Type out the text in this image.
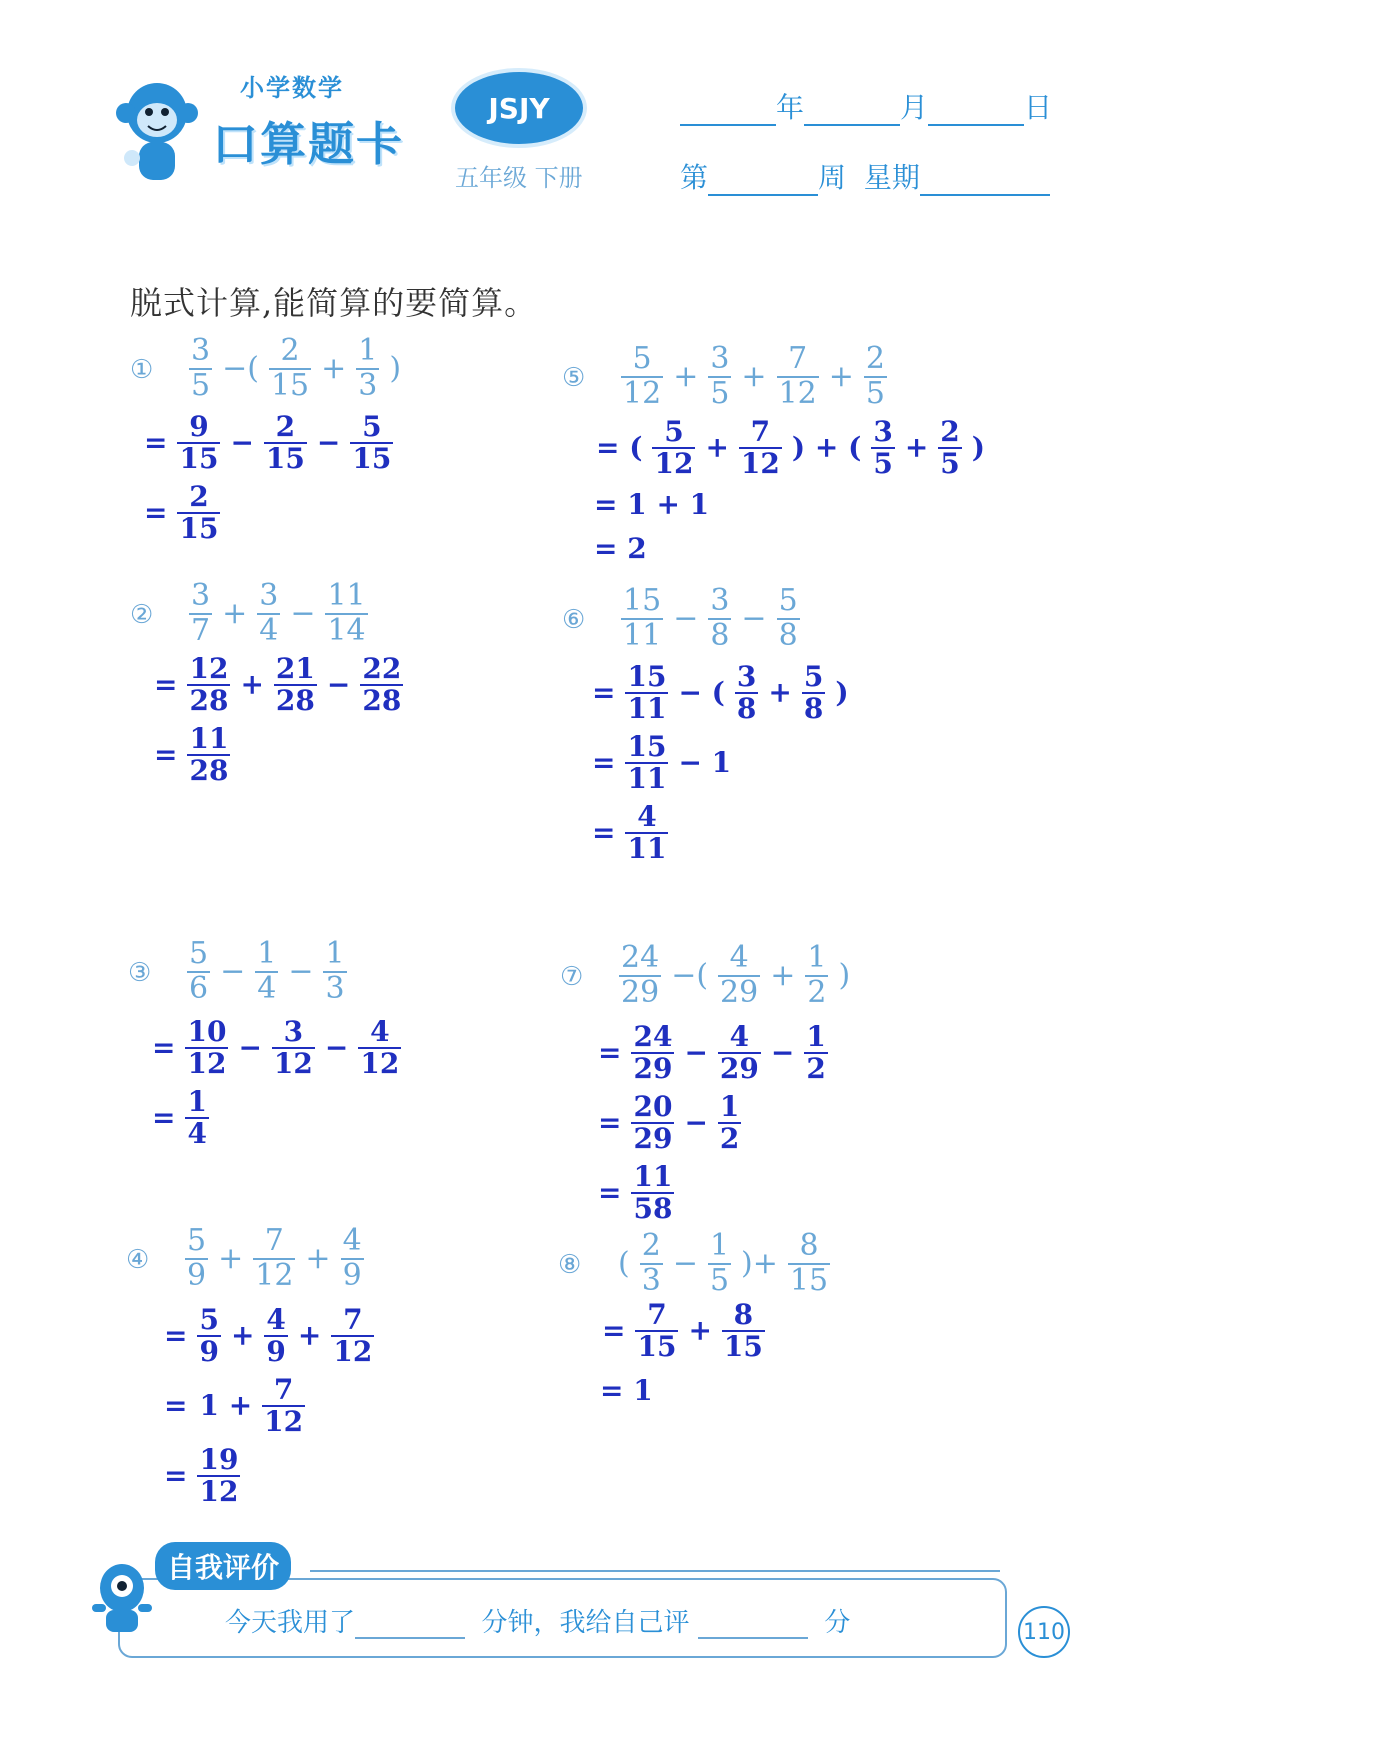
小学数学
口算题卡
JSJY
五年级 下册
年	月	日
第	周 星期
脱式计算,能简算的要简算。
① $\frac{3}{5}$ −( $\frac{2}{15} + \frac{1}{3}$ )
= $\frac{9}{15} - \frac{2}{15} - \frac{5}{15}$
= $\frac{2}{15}$
② $\frac{3}{7} + \frac{3}{4} - \frac{11}{14}$
= $\frac{12}{28} + \frac{21}{28} - \frac{22}{28}$
= $\frac{11}{28}$
③ $\frac{5}{6} - \frac{1}{4} - \frac{1}{3}$
= $\frac{10}{12} - \frac{3}{12} - \frac{4}{12}$
= $\frac{1}{4}$
④ $\frac{5}{9} + \frac{7}{12} + \frac{4}{9}$
= $\frac{5}{9} + \frac{4}{9} + \frac{7}{12}$
= $1 + \frac{7}{12}$
= $\frac{19}{12}$
⑤ $\frac{5}{12} + \frac{3}{5} + \frac{7}{12} + \frac{2}{5}$
= ( $\frac{5}{12} + \frac{7}{12}$ ) + ( $\frac{3}{5} + \frac{2}{5}$ )
= 1 + 1
= 2
⑥ $\frac{15}{11} - \frac{3}{8} - \frac{5}{8}$
= $\frac{15}{11}$ − ( $\frac{3}{8} + \frac{5}{8}$ )
= $\frac{15}{11} - 1$
= $\frac{4}{11}$
⑦ $\frac{24}{29}$ −( $\frac{4}{29} + \frac{1}{2}$ )
= $\frac{24}{29} - \frac{4}{29} - \frac{1}{2}$
= $\frac{20}{29} - \frac{1}{2}$
= $\frac{11}{58}$
⑧ ( $\frac{2}{3} - \frac{1}{5}$ )+ $\frac{8}{15}$
= $\frac{7}{15} + \frac{8}{15}$
= 1
自我评价
今天我用了	分钟，我给自己评	分	110
